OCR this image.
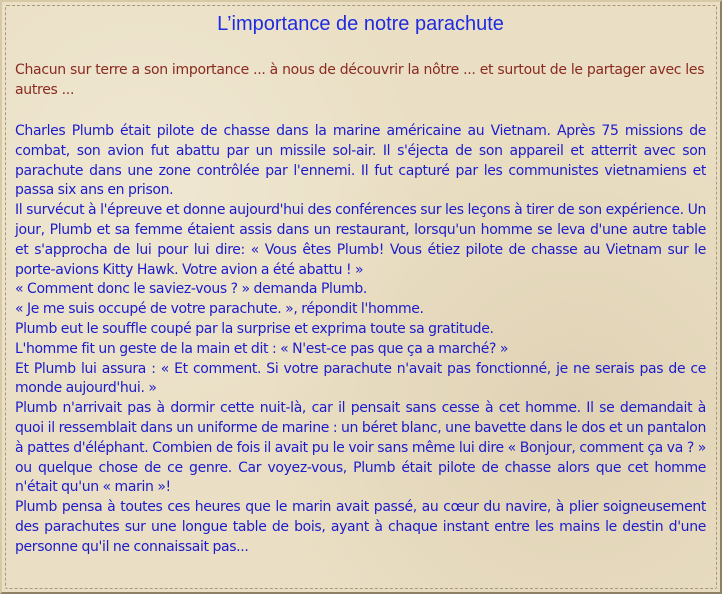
L’importance de notre parachute
Chacun sur terre a son importance ... à nous de découvrir la nôtre ... et surtout de le partager avec les autres ...

Charles Plumb était pilote de chasse dans la marine américaine au Vietnam. Après 75 missions de combat, son avion fut abattu par un missile sol-air. Il s'éjecta de son appareil et atterrit avec son parachute dans une zone contrôlée par l'ennemi. Il fut capturé par les communistes vietnamiens et passa six ans en prison.

Il survécut à l'épreuve et donne aujourd'hui des conférences sur les leçons à tirer de son expérience. Un jour, Plumb et sa femme étaient assis dans un restaurant, lorsqu'un homme se leva d'une autre table et s'approcha de lui pour lui dire: « Vous êtes Plumb! Vous étiez pilote de chasse au Vietnam sur le porte-avions Kitty Hawk. Votre avion a été abattu ! »

« Comment donc le saviez-vous ? » demanda Plumb.

« Je me suis occupé de votre parachute. », répondit l'homme.

Plumb eut le souffle coupé par la surprise et exprima toute sa gratitude.

L'homme fit un geste de la main et dit : « N'est-ce pas que ça a marché? »

Et Plumb lui assura : « Et comment. Si votre parachute n'avait pas fonctionné, je ne serais pas de ce monde aujourd'hui. »

Plumb n'arrivait pas à dormir cette nuit-là, car il pensait sans cesse à cet homme. Il se demandait à quoi il ressemblait dans un uniforme de marine : un béret blanc, une bavette dans le dos et un pantalon à pattes d'éléphant. Combien de fois il avait pu le voir sans même lui dire « Bonjour, comment ça va ? » ou quelque chose de ce genre. Car voyez-vous, Plumb était pilote de chasse alors que cet homme n'était qu'un « marin »!

Plumb pensa à toutes ces heures que le marin avait passé, au cœur du navire, à plier soigneusement des parachutes sur une longue table de bois, ayant à chaque instant entre les mains le destin d'une personne qu'il ne connaissait pas...
